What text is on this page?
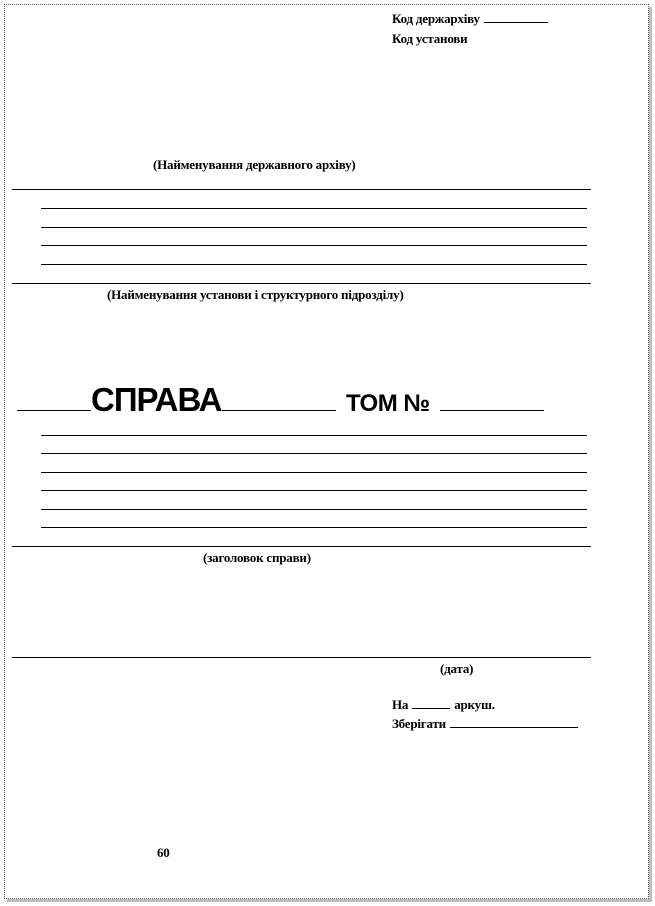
Код держархіву
Код установи
(Найменування державного архіву)
(Найменування установи і структурного підрозділу)
СПРАВА	ТОМ №
(заголовок справи)
(дата)
На	аркуш.
Зберігати
60
